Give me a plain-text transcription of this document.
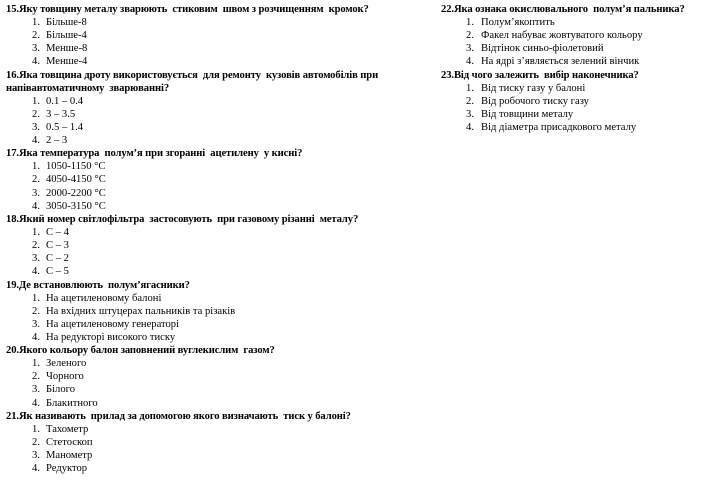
15.Яку товщину металу зварюють  стиковим  швом з розчищенням  кромок?
1. Більше-8
2. Більше-4
3. Менше-8
4. Менше-4
16.Яка товщина дроту використовується  для ремонту  кузовів автомобілів при напівавтоматичному  зварюванні?
1. 0.1 – 0.4
2. 3 – 3.5
3. 0.5 – 1.4
4. 2 – 3
17.Яка температура  полум’я при згоранні  ацетилену  у кисні?
1. 1050-1150 °С
2. 4050-4150 °С
3. 2000-2200 °С
4. 3050-3150 °С
18.Який номер світлофільтра  застосовують  при газовому різанні  металу?
1. С – 4
2. С – 3
3. С – 2
4. С – 5
19.Де встановлюють  полум’ягасники?
1. На ацетиленовому балоні
2. На вхідних штуцерах пальників та різаків
3. На ацетиленовому генераторі
4. На редукторі високого тиску
20.Якого кольору балон заповнений вуглекислим  газом?
1. Зеленого
2. Чорного
3. Білого
4. Блакитного
21.Як називають  прилад за допомогою якого визначають  тиск у балоні?
1. Тахометр
2. Стетоскоп
3. Манометр
4. Редуктор
22.Яка ознака окислювального  полум’я пальника?
1. Полум’якоптить
2. Факел набуває жовтуватого кольору
3. Відтінок синьо-фіолетовий
4. На ядрі з’являється зелений вінчик
23.Від чого залежить  вибір наконечника?
1. Від тиску газу у балоні
2. Від робочого тиску газу
3. Від товщини металу
4. Від діаметра присадкового металу
